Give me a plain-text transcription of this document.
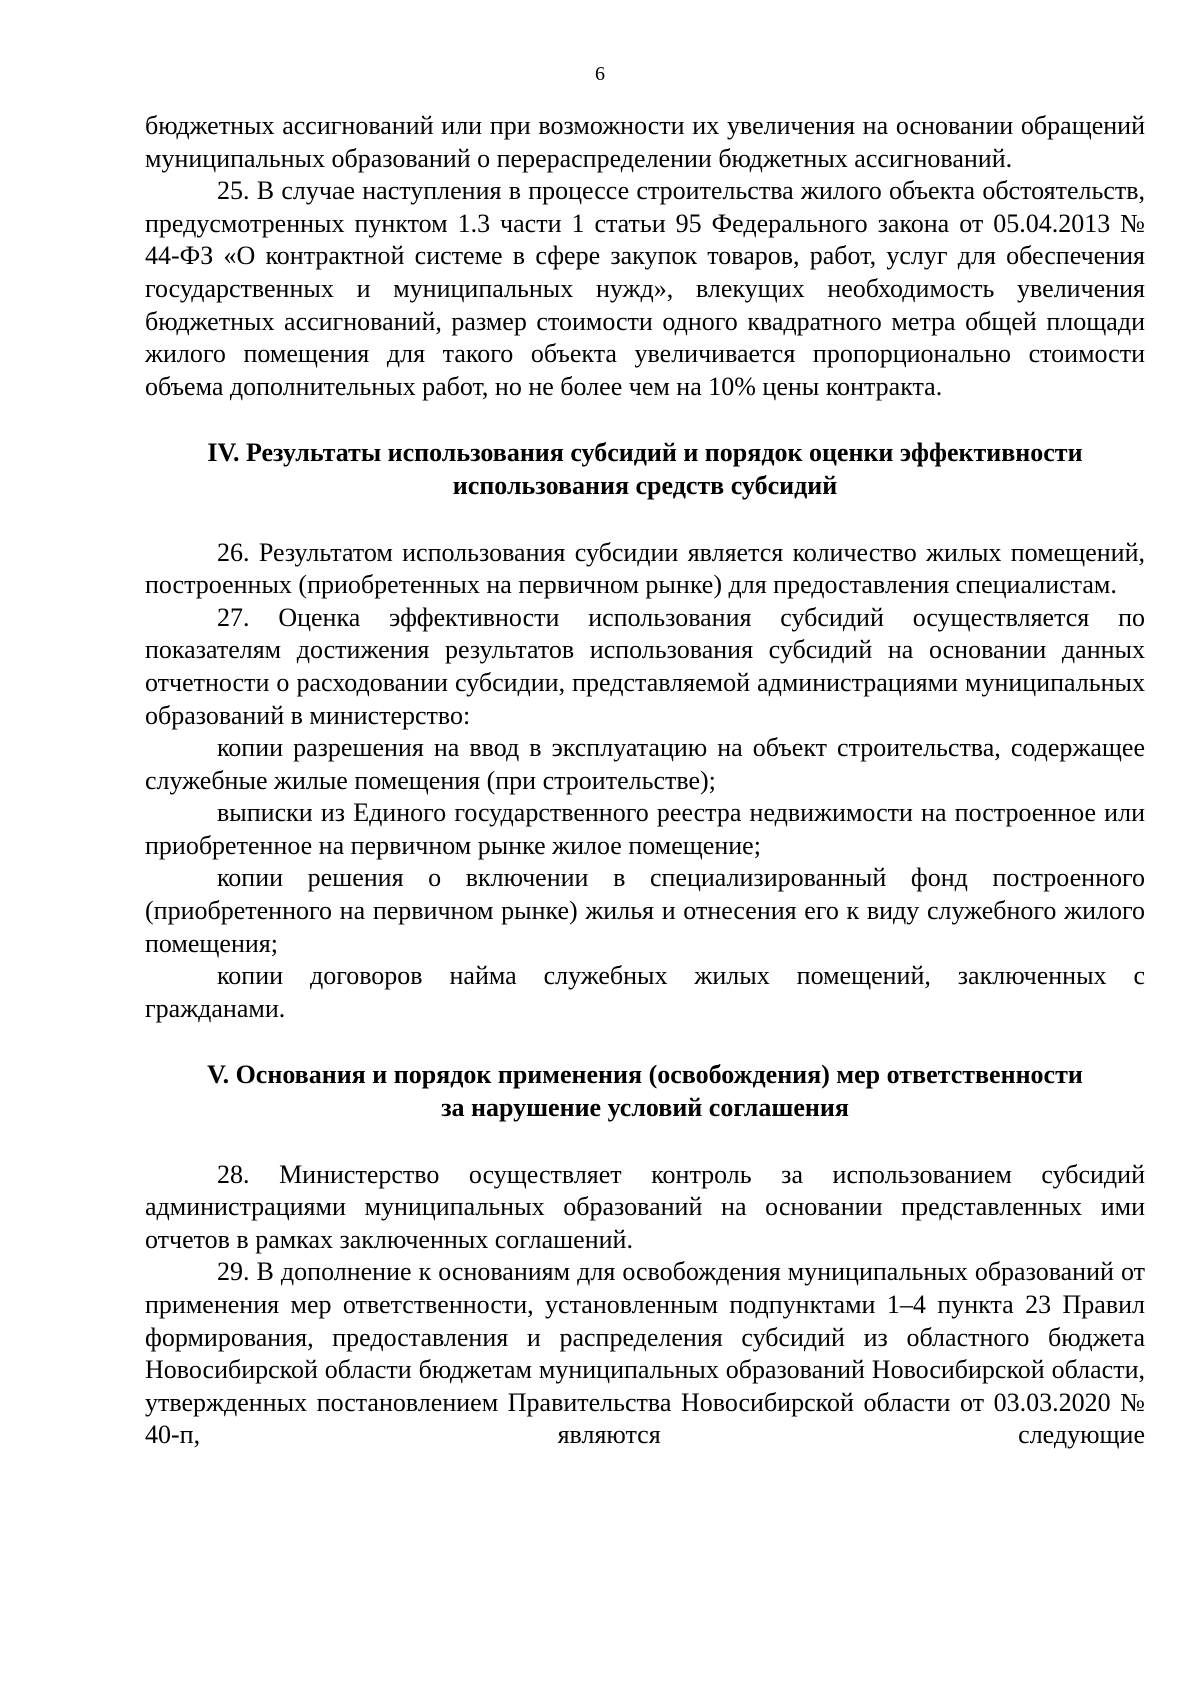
6

бюджетных ассигнований или при возможности их увеличения на основании обращений муниципальных образований о перераспределении бюджетных ассигнований.

25. В случае наступления в процессе строительства жилого объекта обстоятельств, предусмотренных пунктом 1.3 части 1 статьи 95 Федерального закона от 05.04.2013 № 44-ФЗ «О контрактной системе в сфере закупок товаров, работ, услуг для обеспечения государственных и муниципальных нужд», влекущих необходимость увеличения бюджетных ассигнований, размер стоимости одного квадратного метра общей площади жилого помещения для такого объекта увеличивается пропорционально стоимости объема дополнительных работ, но не более чем на 10% цены контракта.

IV. Результаты использования субсидий и порядок оценки эффективности
использования средств субсидий

26. Результатом использования субсидии является количество жилых помещений, построенных (приобретенных на первичном рынке) для предоставления специалистам.

27. Оценка эффективности использования субсидий осуществляется по показателям достижения результатов использования субсидий на основании данных отчетности о расходовании субсидии, представляемой администрациями муниципальных образований в министерство:

копии разрешения на ввод в эксплуатацию на объект строительства, содержащее служебные жилые помещения (при строительстве);

выписки из Единого государственного реестра недвижимости на построенное или приобретенное на первичном рынке жилое помещение;

копии решения о включении в специализированный фонд построенного (приобретенного на первичном рынке) жилья и отнесения его к виду служебного жилого помещения;

копии договоров найма служебных жилых помещений, заключенных с гражданами.

V. Основания и порядок применения (освобождения) мер ответственности
за нарушение условий соглашения

28. Министерство осуществляет контроль за использованием субсидий администрациями муниципальных образований на основании представленных ими отчетов в рамках заключенных соглашений.

29. В дополнение к основаниям для освобождения муниципальных образований от применения мер ответственности, установленным подпунктами 1–4 пункта 23 Правил формирования, предоставления и распределения субсидий из областного бюджета Новосибирской области бюджетам муниципальных образований Новосибирской области, утвержденных постановлением Правительства Новосибирской области от 03.03.2020 № 40-п, являются следующие
